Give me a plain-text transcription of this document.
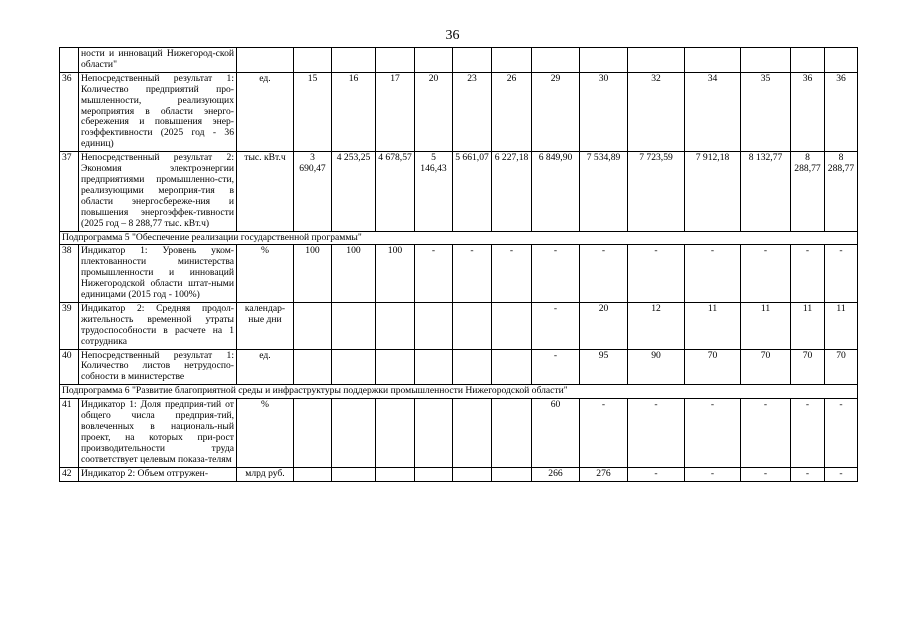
36
	ности и инноваций Нижегород-ской области"															
36	Непосредственный результат 1: Количество предприятий про-мышленности, реализующих мероприятия в области энерго-сбережения и повышения энер-гоэффективности (2025 год - 36 единиц)	ед.	15	16	17	20	23	26	29	30	32	34	35	36	36	
37	Непосредственный результат 2: Экономия электроэнергии предприятиями промышленно-сти, реализующими мероприя-тия в области энергосбереже-ния и повышения энергоэффек-тивности (2025 год – 8 288,77 тыс. кВт.ч)	тыс. кВт.ч	3 690,47	4 253,25	4 678,57	5 146,43	5 661,07	6 227,18	6 849,90	7 534,89	7 723,59	7 912,18	8 132,77	8 288,77	8 288,77	
Подпрограмма 5 "Обеспечение реализации государственной программы"																
38	Индикатор 1: Уровень уком-плектованности министерства промышленности и инноваций Нижегородской области штат-ными единицами (2015 год - 100%)	%	100	100	100	-	-	-	-	-	-	-	-	-	-	
39	Индикатор 2: Средняя продол-жительность временной утраты трудоспособности в расчете на 1 сотрудника	календар-ные дни							-	20	12	11	11	11	11	
40	Непосредственный результат 1: Количество листов нетрудоспо-собности в министерстве	ед.							-	95	90	70	70	70	70	
Подпрограмма 6 "Развитие благоприятной среды и инфраструктуры поддержки промышленности Нижегородской области"																
41	Индикатор 1: Доля предприя-тий от общего числа предприя-тий, вовлеченных в националь-ный проект, на которых при-рост производительности труда соответствует целевым показа-телям	%							60	-	-	-	-	-	-	
42	Индикатор 2: Объем отгружен-	млрд руб.							266	276	-	-	-	-	-	
